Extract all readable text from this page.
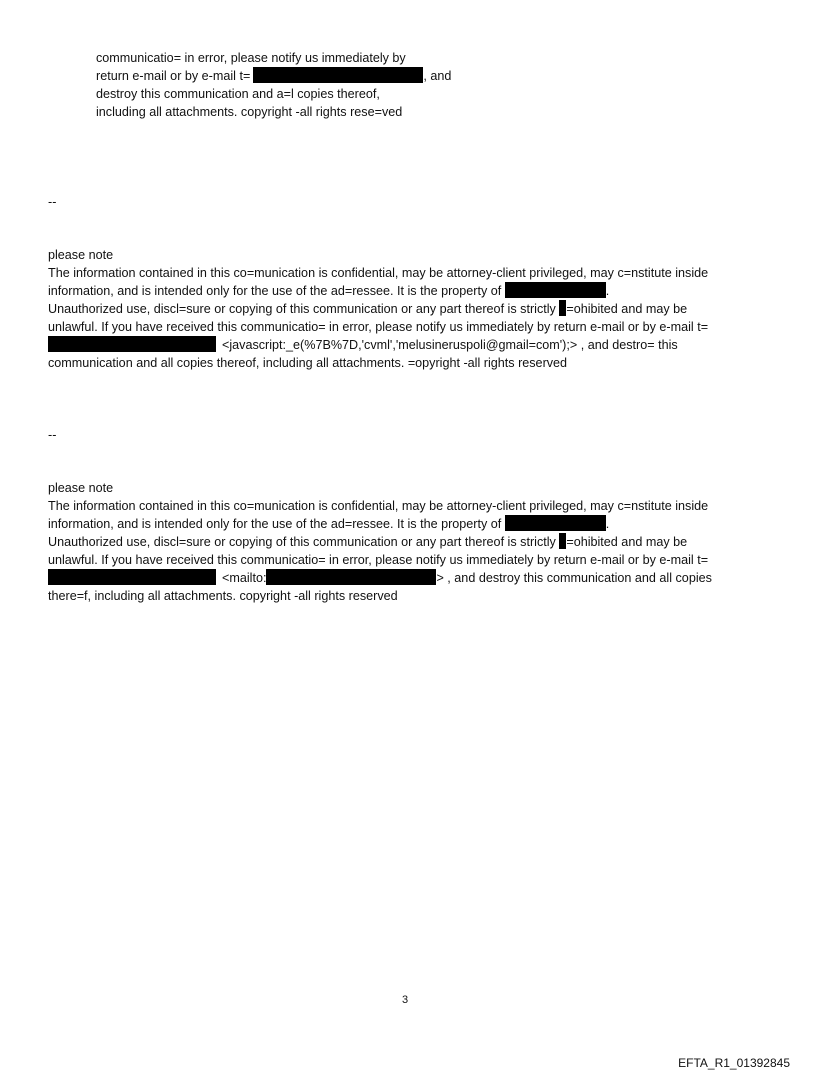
communicatio= in error, please notify us immediately by
return e-mail or by e-mail t=	, and
destroy this communication and a=l copies thereof,
including all attachments. copyright -all rights rese=ved
--
please note
The information contained in this co=munication is confidential, may be attorney-client privileged, may c=nstitute inside
information, and is intended only for the use of the ad=ressee. It is the property of	.
Unauthorized use, discl=sure or copying of this communication or any part thereof is strictly =ohibited and may be
unlawful. If you have received this communicatio= in error, please notify us immediately by return e-mail or by e-mail t=
<javascript:_e(%7B%7D,'cvml','melusineruspoli@gmail=com');> , and destro= this
communication and all copies thereof, including all attachments. =opyright -all rights reserved
--
please note
The information contained in this co=munication is confidential, may be attorney-client privileged, may c=nstitute inside
information, and is intended only for the use of the ad=ressee. It is the property of	.
Unauthorized use, discl=sure or copying of this communication or any part thereof is strictly =ohibited and may be
unlawful. If you have received this communicatio= in error, please notify us immediately by return e-mail or by e-mail t=
<mailto:	> , and destroy this communication and all copies
there=f, including all attachments. copyright -all rights reserved
3
EFTA_R1_01392845
